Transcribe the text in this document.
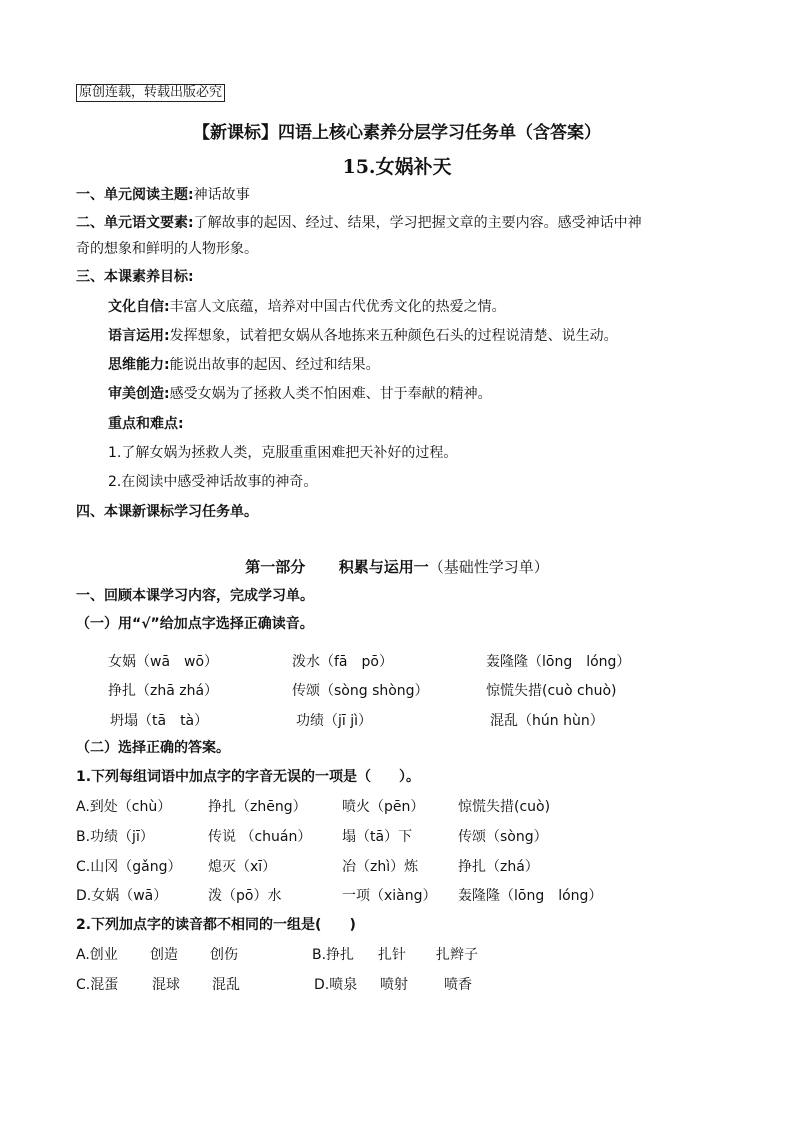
原创连载，转载出版必究
【新课标】四语上核心素养分层学习任务单（含答案）
15.女娲补天
一、单元阅读主题:神话故事
二、单元语文要素:了解故事的起因、经过、结果，学习把握文章的主要内容。感受神话中神
奇的想象和鲜明的人物形象。
三、本课素养目标:
文化自信:丰富人文底蕴，培养对中国古代优秀文化的热爱之情。
语言运用:发挥想象，试着把女娲从各地拣来五种颜色石头的过程说清楚、说生动。
思维能力:能说出故事的起因、经过和结果。
审美创造:感受女娲为了拯救人类不怕困难、甘于奉献的精神。
重点和难点:
1.了解女娲为拯救人类，克服重重困难把天补好的过程。
2.在阅读中感受神话故事的神奇。
四、本课新课标学习任务单。
第一部分 积累与运用一（基础性学习单）
一、回顾本课学习内容，完成学习单。
（一）用“√”给加点字选择正确读音。
女娲（wā　wō）	泼水（fā　pō）	轰隆隆（lōng　lóng）
挣扎（zhā zhá）	传颂（sòng shòng）	惊慌失措(cuò chuò)
坍塌（tā　tà）	功绩（jī jì）	混乱（hún hùn）
（二）选择正确的答案。
1.下列每组词语中加点字的字音无误的一项是（　　）。
A.到处（chù）	挣扎（zhēng）	喷火（pēn） 惊慌失措(cuò)
B.功绩（jī）	传说 （chuán） 塌（tā）下	传颂（sòng）
C.山冈（gǎng） 熄灭（xī）	冶（zhì）炼	挣扎（zhá）
D.女娲（wā）	泼（pō）水	一项（xiàng） 轰隆隆（lōng　lóng）
2.下列加点字的读音都不相同的一组是(　　)
A.创业 创造 创伤	B.挣扎 扎针 扎辫子
C.混蛋 混球 混乱	D.喷泉 喷射	喷香
